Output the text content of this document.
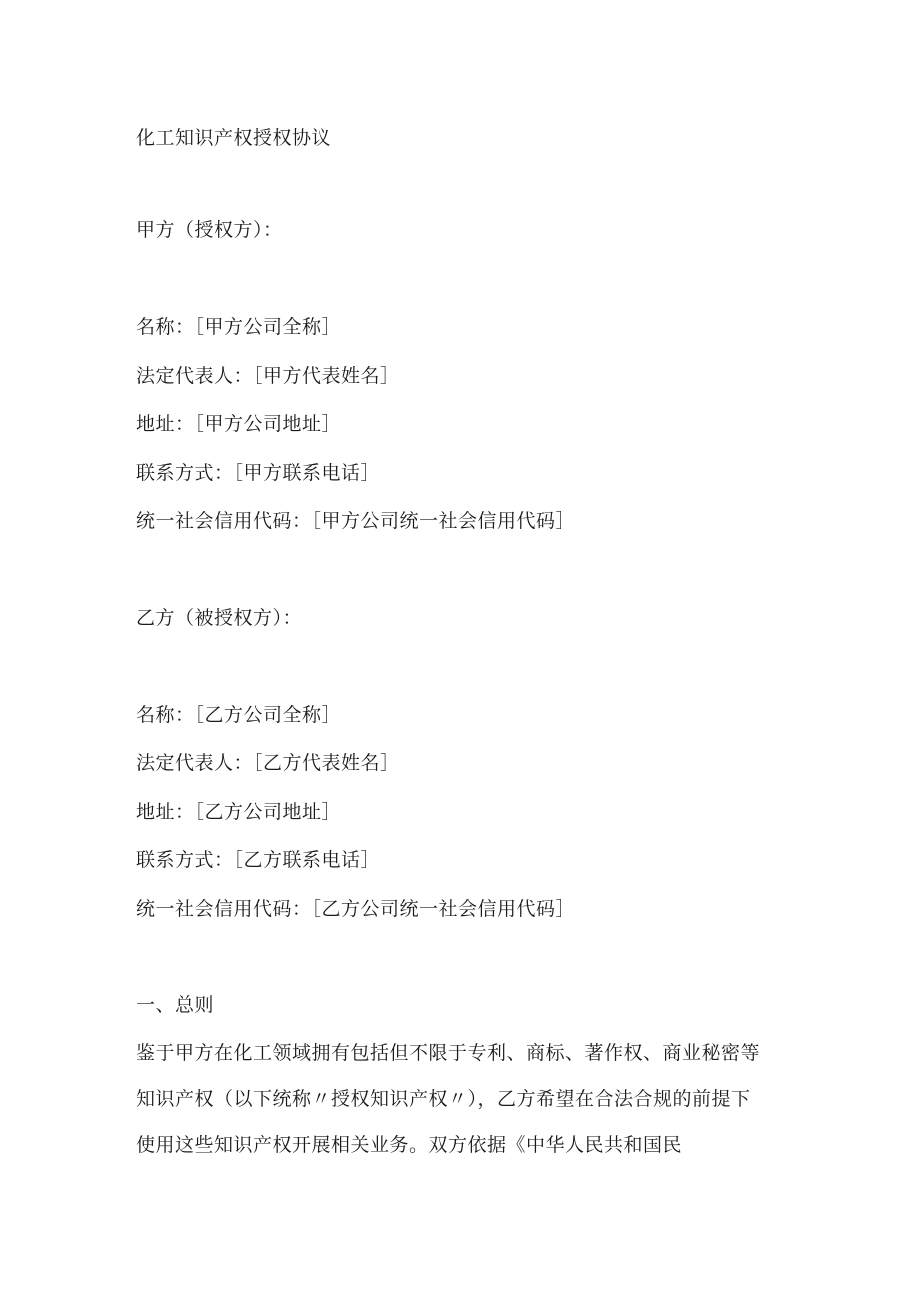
化工知识产权授权协议
甲方（授权方）：
名称：［甲方公司全称］
法定代表人：［甲方代表姓名］
地址：［甲方公司地址］
联系方式：［甲方联系电话］
统一社会信用代码：［甲方公司统一社会信用代码］
乙方（被授权方）：
名称：［乙方公司全称］
法定代表人：［乙方代表姓名］
地址：［乙方公司地址］
联系方式：［乙方联系电话］
统一社会信用代码：［乙方公司统一社会信用代码］
一、总则

鉴于甲方在化工领域拥有包括但不限于专利、商标、著作权、商业秘密等

知识产权（以下统称〃授权知识产权〃），乙方希望在合法合规的前提下

使用这些知识产权开展相关业务。双方依据《中华人民共和国民
